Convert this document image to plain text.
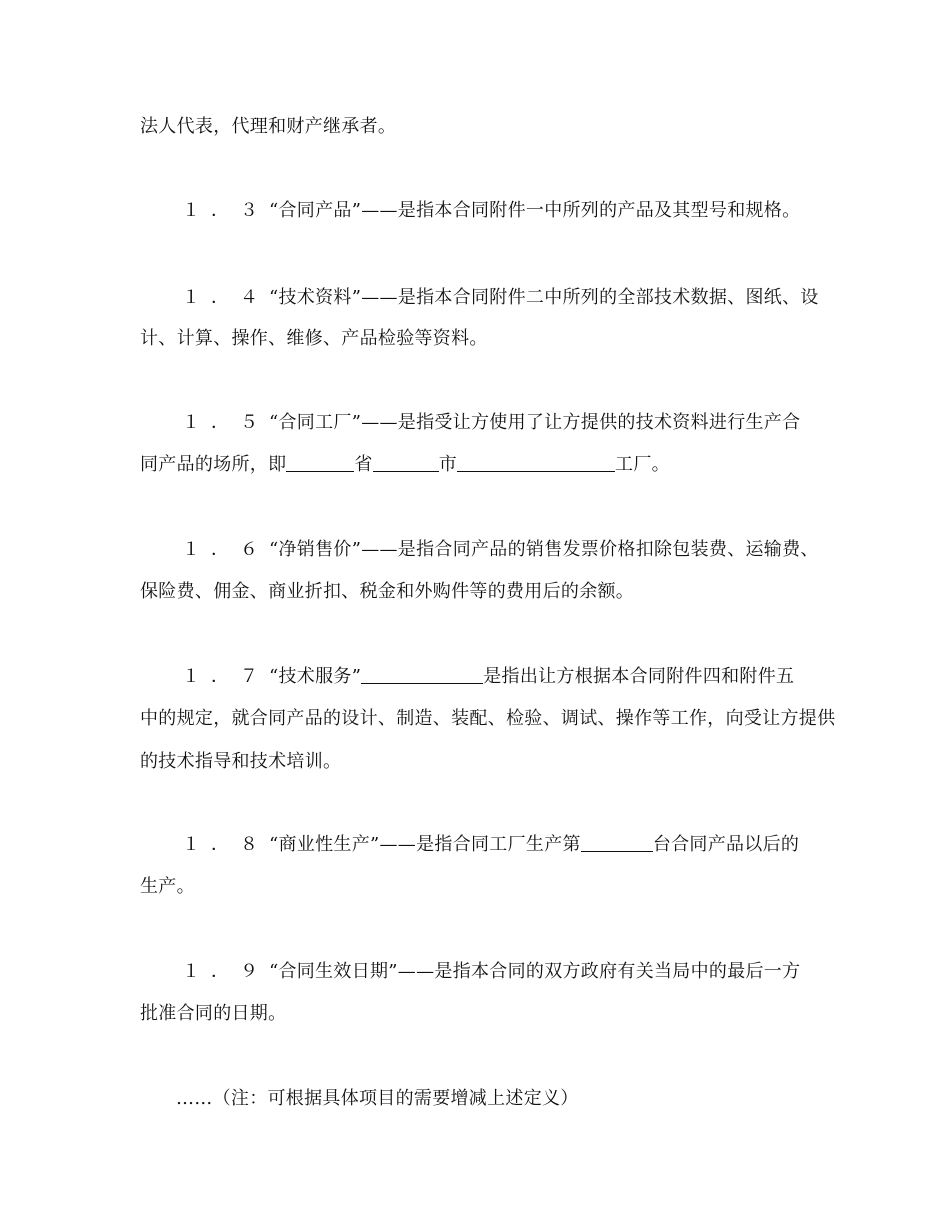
法人代表，代理和财产继承者。
１．３“合同产品”——是指本合同附件一中所列的产品及其型号和规格。
１．４“技术资料”——是指本合同附件二中所列的全部技术数据、图纸、设
计、计算、操作、维修、产品检验等资料。
１．５“合同工厂”——是指受让方使用了让方提供的技术资料进行生产合
同产品的场所，即	省	市	工厂。
１．６“净销售价”——是指合同产品的销售发票价格扣除包装费、运输费、
保险费、佣金、商业折扣、税金和外购件等的费用后的余额。
１．７“技术服务”	是指出让方根据本合同附件四和附件五
中的规定，就合同产品的设计、制造、装配、检验、调试、操作等工作，向受让方提供
的技术指导和技术培训。
１．８“商业性生产”——是指合同工厂生产第	台合同产品以后的
生产。
１．９“合同生效日期”——是指本合同的双方政府有关当局中的最后一方
批准合同的日期。
……（注：可根据具体项目的需要增减上述定义）
